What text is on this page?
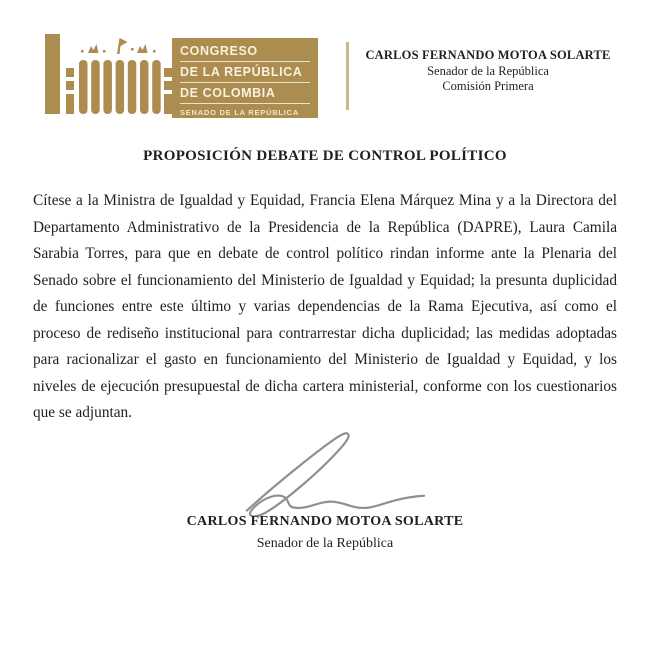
CONGRESO
DE LA REPÚBLICA
DE COLOMBIA
SENADO DE LA REPÚBLICA
CARLOS FERNANDO MOTOA SOLARTE
Senador de la República
Comisión Primera
PROPOSICIÓN DEBATE DE CONTROL POLÍTICO
Cítese a la Ministra de Igualdad y Equidad, Francia Elena Márquez Mina y a la Directora del Departamento Administrativo de la Presidencia de la República (DAPRE), Laura Camila Sarabia Torres, para que en debate de control político rindan informe ante la Plenaria del Senado sobre el funcionamiento del Ministerio de Igualdad y Equidad; la presunta duplicidad de funciones entre este último y varias dependencias de la Rama Ejecutiva, así como el proceso de rediseño institucional para contrarrestar dicha duplicidad; las medidas adoptadas para racionalizar el gasto en funcionamiento del Ministerio de Igualdad y Equidad, y los niveles de ejecución presupuestal de dicha cartera ministerial, conforme con los cuestionarios que se adjuntan.
CARLOS FERNANDO MOTOA SOLARTE
Senador de la República
